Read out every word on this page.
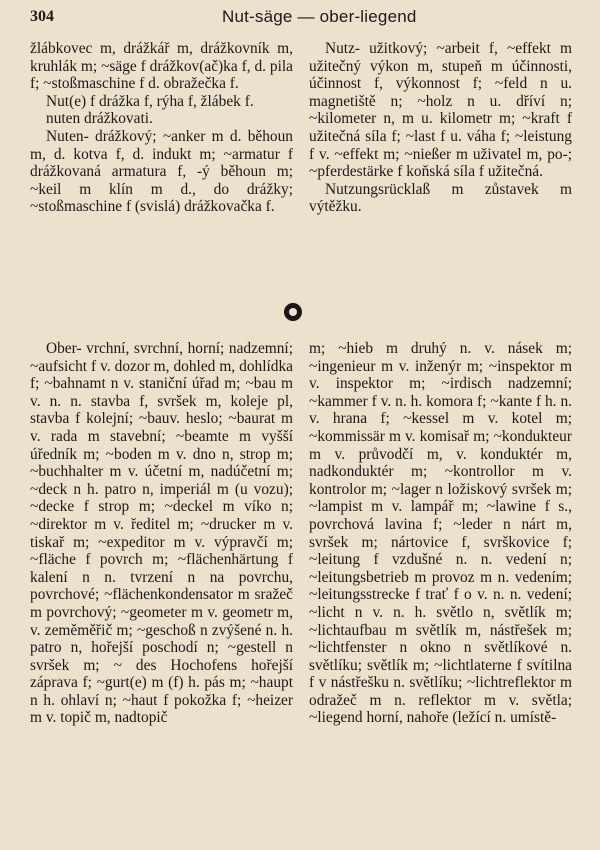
304	Nut-säge — ober-liegend

žlábkovec m, drážkář m, drážkovník m, kruhlák m; ~säge f drážkov(ač)ka f, d. pila f; ~stoßmaschine f d. obražečka f.

Nut(e) f drážka f, rýha f, žlábek f.

nuten drážkovati.

Nuten- drážkový; ~anker m d. běhoun m, d. kotva f, d. indukt m; ~armatur f drážkovaná armatura f, -ý běhoun m; ~keil m klín m d., do drážky; ~stoßmaschine f (svislá) drážkovačka f.

Nutz- užitkový; ~arbeit f, ~effekt m užitečný výkon m, stupeň m účinnosti, účinnost f, výkonnost f; ~feld n u. magnetiště n; ~holz n u. dříví n; ~kilometer n, m u. kilometr m; ~kraft f užitečná síla f; ~last f u. váha f; ~leistung f v. ~effekt m; ~nießer m uživatel m, po-; ~pferdestärke f koňská síla f užitečná.

Nutzungsrücklaß m zůstavek m výtěžku.

Ober- vrchní, svrchní, horní; nadzemní; ~aufsicht f v. dozor m, dohled m, dohlídka f; ~bahnamt n v. staniční úřad m; ~bau m v. n. n. stavba f, svršek m, koleje pl, stavba f kolejní; ~bauv. heslo; ~baurat m v. rada m stavební; ~beamte m vyšší úředník m; ~boden m v. dno n, strop m; ~buchhalter m v. účetní m, nadúčetní m; ~deck n h. patro n, imperiál m (u vozu); ~decke f strop m; ~deckel m víko n; ~direktor m v. ředitel m; ~drucker m v. tiskař m; ~expeditor m v. výpravčí m; ~fläche f povrch m; ~flächenhärtung f kalení n n. tvrzení n na povrchu, povrchové; ~flächenkondensator m sražeč m povrchový; ~geometer m v. geometr m, v. zeměměřič m; ~geschoß n zvýšené n. h. patro n, hořejší poschodí n; ~gestell n svršek m; ~ des Hochofens hořejší záprava f; ~gurt(e) m (f) h. pás m; ~haupt n h. ohlaví n; ~haut f pokožka f; ~heizer m v. topič m, nadtopič

m; ~hieb m druhý n. v. násek m; ~ingenieur m v. inženýr m; ~inspektor m v. inspektor m; ~irdisch nadzemní; ~kammer f v. n. h. komora f; ~kante f h. n. v. hrana f; ~kessel m v. kotel m; ~kommissär m v. komisař m; ~kondukteur m v. průvodčí m, v. konduktér m, nadkonduktér m; ~kontrollor m v. kontrolor m; ~lager n ložiskový svršek m; ~lampist m v. lampář m; ~lawine f s., povrchová lavina f; ~leder n nárt m, svršek m; nártovice f, svrškovice f; ~leitung f vzdušné n. n. vedení n; ~leitungsbetrieb m provoz m n. vedením; ~leitungsstrecke f trať f o v. n. n. vedení; ~licht n v. n. h. světlo n, světlík m; ~lichtaufbau m světlík m, nástřešek m; ~lichtfenster n okno n světlíkové n. světlíku; světlík m; ~lichtlaterne f svítilna f v nástřešku n. světlíku; ~lichtreflektor m odražeč m n. reflektor m v. světla; ~liegend horní, nahoře (ležící n. umístě-
